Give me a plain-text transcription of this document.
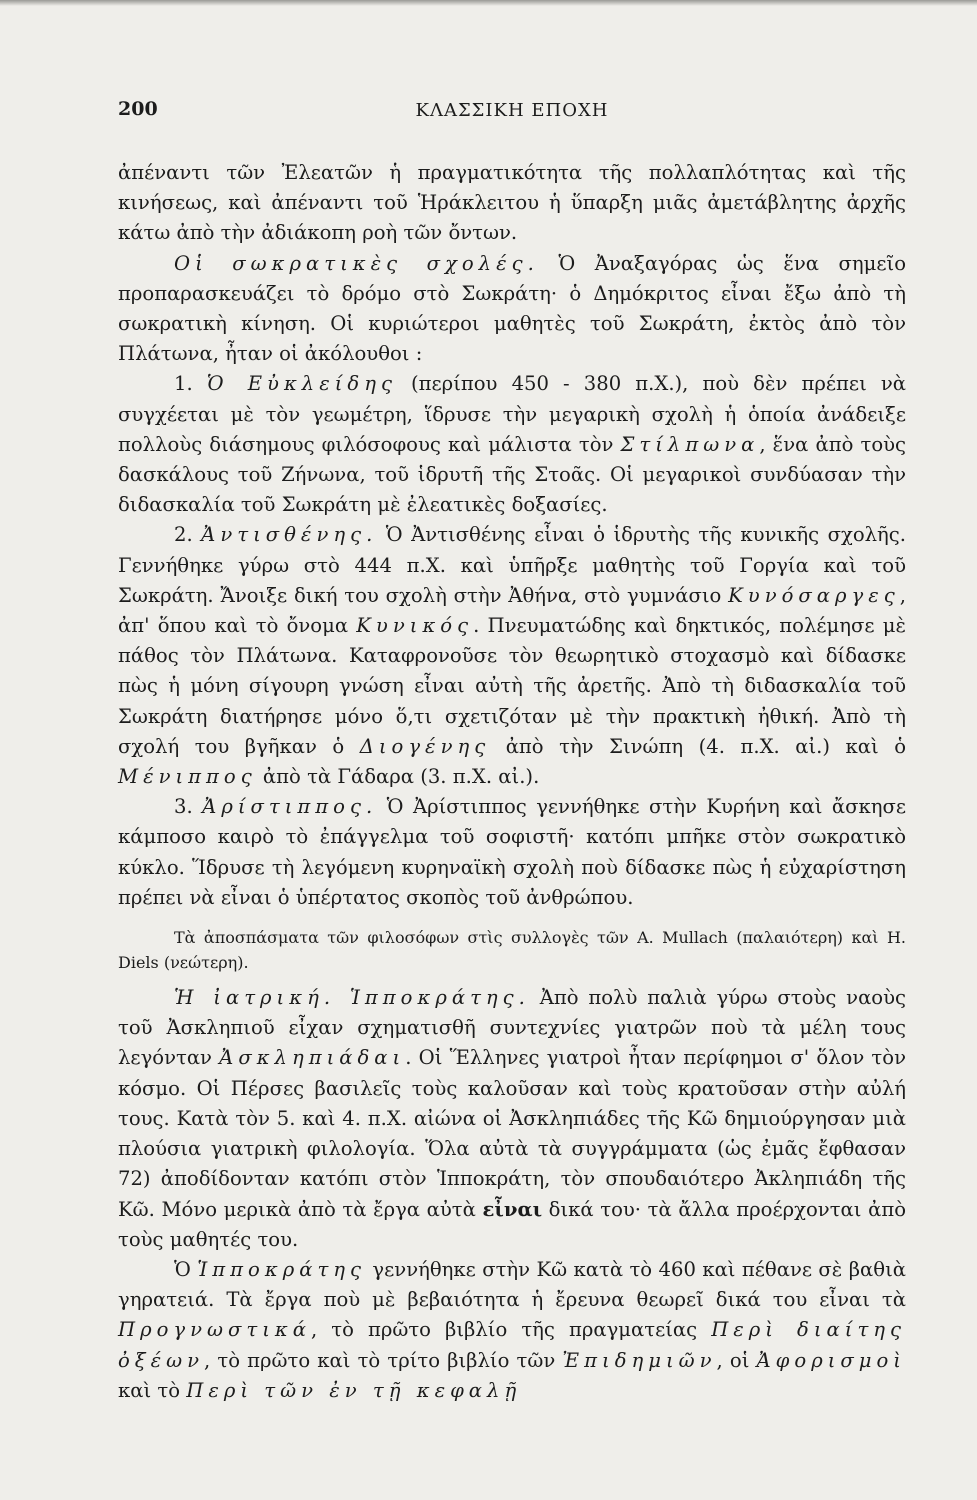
200	ΚΛΑΣΣΙΚΗ ΕΠΟΧΗ

ἀπέναντι τῶν Ἐλεατῶν ἡ πραγματικότητα τῆς πολλαπλότητας καὶ τῆς κινήσεως, καὶ ἀπέναντι τοῦ Ἡράκλειτου ἡ ὕπαρξη μιᾶς ἀμετάβλητης ἀρχῆς κάτω ἀπὸ τὴν ἀδιάκοπη ροὴ τῶν ὄντων.

Οἱ σωκρατικὲς σχολές. Ὁ Ἀναξαγόρας ὡς ἕνα σημεῖο προπαρασκευάζει τὸ δρόμο στὸ Σωκράτη· ὁ Δημόκριτος εἶναι ἔξω ἀπὸ τὴ σωκρατικὴ κίνηση. Οἱ κυριώτεροι μαθητὲς τοῦ Σωκράτη, ἐκτὸς ἀπὸ τὸν Πλάτωνα, ἦταν οἱ ἀκόλουθοι :

1. Ὁ Εὐκλείδης (περίπου 450 - 380 π.Χ.), ποὺ δὲν πρέπει νὰ συγχέεται μὲ τὸν γεωμέτρη, ἵδρυσε τὴν μεγαρικὴ σχολὴ ἡ ὁποία ἀνάδειξε πολλοὺς διάσημους φιλόσοφους καὶ μάλιστα τὸν Στίλπωνα, ἕνα ἀπὸ τοὺς δασκάλους τοῦ Ζήνωνα, τοῦ ἱδρυτῆ τῆς Στοᾶς. Οἱ μεγαρικοὶ συνδύασαν τὴν διδασκαλία τοῦ Σωκράτη μὲ ἐλεατικὲς δοξασίες.

2. Ἀντισθένης. Ὁ Ἀντισθένης εἶναι ὁ ἱδρυτὴς τῆς κυνικῆς σχολῆς. Γεννήθηκε γύρω στὸ 444 π.Χ. καὶ ὑπῆρξε μαθητὴς τοῦ Γοργία καὶ τοῦ Σωκράτη. Ἄνοιξε δική του σχολὴ στὴν Ἀθήνα, στὸ γυμνάσιο Κυνόσαργες, ἀπ' ὅπου καὶ τὸ ὄνομα Κυνικός. Πνευματώδης καὶ δηκτικός, πολέμησε μὲ πάθος τὸν Πλάτωνα. Καταφρονοῦσε τὸν θεωρητικὸ στοχασμὸ καὶ δίδασκε πὼς ἡ μόνη σίγουρη γνώση εἶναι αὐτὴ τῆς ἀρετῆς. Ἀπὸ τὴ διδασκαλία τοῦ Σωκράτη διατήρησε μόνο ὅ,τι σχετιζόταν μὲ τὴν πρακτικὴ ἠθική. Ἀπὸ τὴ σχολή του βγῆκαν ὁ Διογένης ἀπὸ τὴν Σινώπη (4. π.Χ. αἰ.) καὶ ὁ Μένιππος ἀπὸ τὰ Γάδαρα (3. π.Χ. αἰ.).

3. Ἀρίστιππος. Ὁ Ἀρίστιππος γεννήθηκε στὴν Κυρήνη καὶ ἄσκησε κάμποσο καιρὸ τὸ ἐπάγγελμα τοῦ σοφιστῆ· κατόπι μπῆκε στὸν σωκρατικὸ κύκλο. Ἵδρυσε τὴ λεγόμενη κυρηναϊκὴ σχολὴ ποὺ δίδασκε πὼς ἡ εὐχαρίστηση πρέπει νὰ εἶναι ὁ ὑπέρτατος σκοπὸς τοῦ ἀνθρώπου.

Τὰ ἀποσπάσματα τῶν φιλοσόφων στὶς συλλογὲς τῶν A. Mullach (παλαιότερη) καὶ H. Diels (νεώτερη).

Ἡ ἰατρική. Ἱπποκράτης. Ἀπὸ πολὺ παλιὰ γύρω στοὺς ναοὺς τοῦ Ἀσκληπιοῦ εἶχαν σχηματισθῆ συντεχνίες γιατρῶν ποὺ τὰ μέλη τους λεγόνταν Ἀσκληπιάδαι. Οἱ Ἕλληνες γιατροὶ ἦταν περίφημοι σ' ὅλον τὸν κόσμο. Οἱ Πέρσες βασιλεῖς τοὺς καλοῦσαν καὶ τοὺς κρατοῦσαν στὴν αὐλή τους. Κατὰ τὸν 5. καὶ 4. π.Χ. αἰώνα οἱ Ἀσκληπιάδες τῆς Κῶ δημιούργησαν μιὰ πλούσια γιατρικὴ φιλολογία. Ὅλα αὐτὰ τὰ συγγράμματα (ὡς ἐμᾶς ἔφθασαν 72) ἀποδίδονταν κατόπι στὸν Ἱπποκράτη, τὸν σπουδαιότερο Ἀκληπιάδη τῆς Κῶ. Μόνο μερικὰ ἀπὸ τὰ ἔργα αὐτὰ εἶναι δικά του· τὰ ἄλλα προέρχονται ἀπὸ τοὺς μαθητές του.

Ὁ Ἱπποκράτης γεννήθηκε στὴν Κῶ κατὰ τὸ 460 καὶ πέθανε σὲ βαθιὰ γηρατειά. Τὰ ἔργα ποὺ μὲ βεβαιότητα ἡ ἔρευνα θεωρεῖ δικά του εἶναι τὰ Προγνωστικά, τὸ πρῶτο βιβλίο τῆς πραγματείας Περὶ διαίτης ὀξέων, τὸ πρῶτο καὶ τὸ τρίτο βιβλίο τῶν Ἐπιδημιῶν, οἱ Ἀφορισμοὶ καὶ τὸ Περὶ τῶν ἐν τῇ κεφαλῇ
